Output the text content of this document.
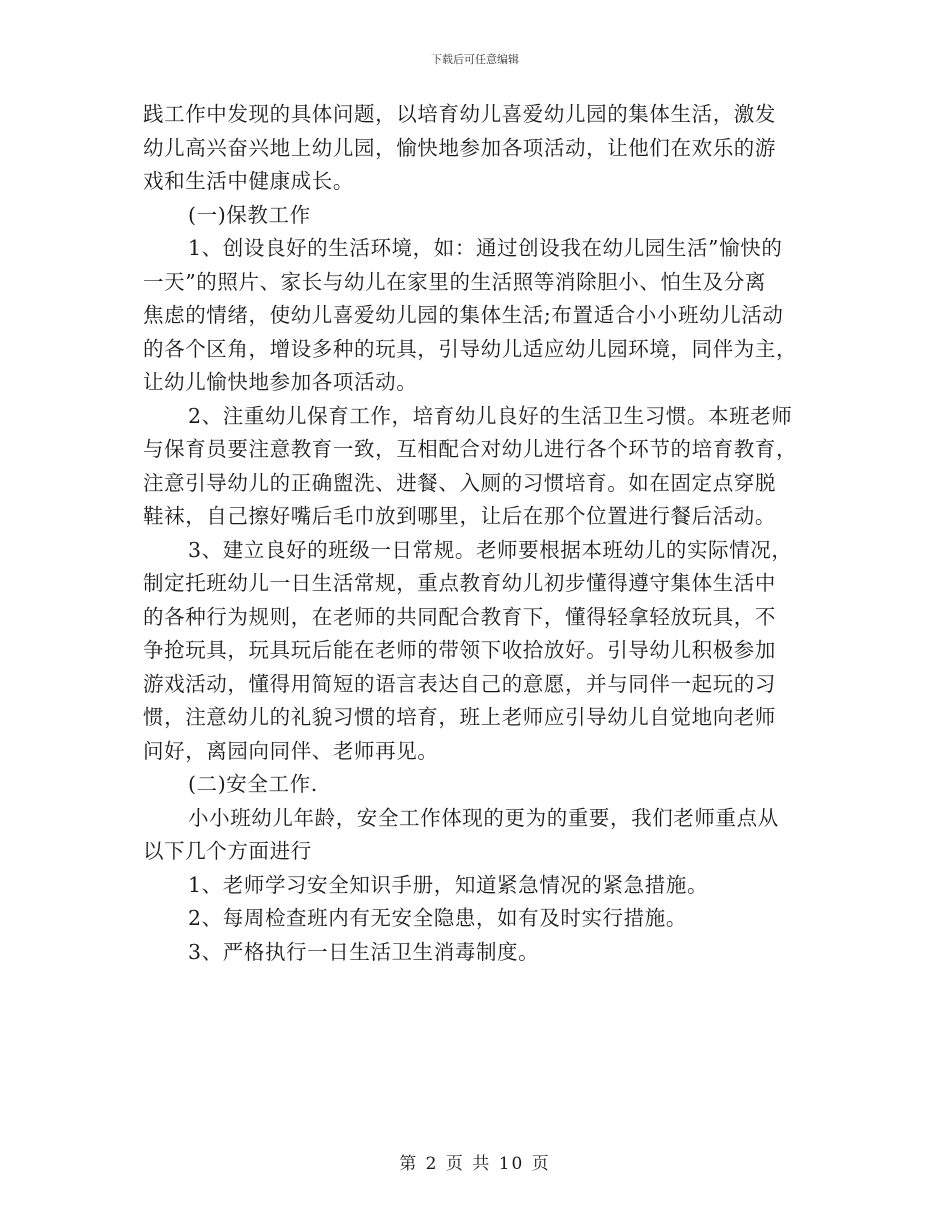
下载后可任意编辑

践工作中发现的具体问题，以培育幼儿喜爱幼儿园的集体生活，激发
幼儿高兴奋兴地上幼儿园，愉快地参加各项活动，让他们在欢乐的游
戏和生活中健康成长。
(一)保教工作
1、创设良好的生活环境，如：通过创设我在幼儿园生活”愉快的
一天”的照片、家长与幼儿在家里的生活照等消除胆小、怕生及分离
焦虑的情绪，使幼儿喜爱幼儿园的集体生活;布置适合小小班幼儿活动
的各个区角，增设多种的玩具，引导幼儿适应幼儿园环境，同伴为主，
让幼儿愉快地参加各项活动。
2、注重幼儿保育工作，培育幼儿良好的生活卫生习惯。本班老师
与保育员要注意教育一致，互相配合对幼儿进行各个环节的培育教育，
注意引导幼儿的正确盥洗、进餐、入厕的习惯培育。如在固定点穿脱
鞋袜，自己擦好嘴后毛巾放到哪里，让后在那个位置进行餐后活动。
3、建立良好的班级一日常规。老师要根据本班幼儿的实际情况，
制定托班幼儿一日生活常规，重点教育幼儿初步懂得遵守集体生活中
的各种行为规则，在老师的共同配合教育下，懂得轻拿轻放玩具，不
争抢玩具，玩具玩后能在老师的带领下收拾放好。引导幼儿积极参加
游戏活动，懂得用简短的语言表达自己的意愿，并与同伴一起玩的习
惯，注意幼儿的礼貌习惯的培育，班上老师应引导幼儿自觉地向老师
问好，离园向同伴、老师再见。
(二)安全工作.
小小班幼儿年龄，安全工作体现的更为的重要，我们老师重点从
以下几个方面进行
1、老师学习安全知识手册，知道紧急情况的紧急措施。
2、每周检查班内有无安全隐患，如有及时实行措施。
3、严格执行一日生活卫生消毒制度。

第 2 页 共 10 页
